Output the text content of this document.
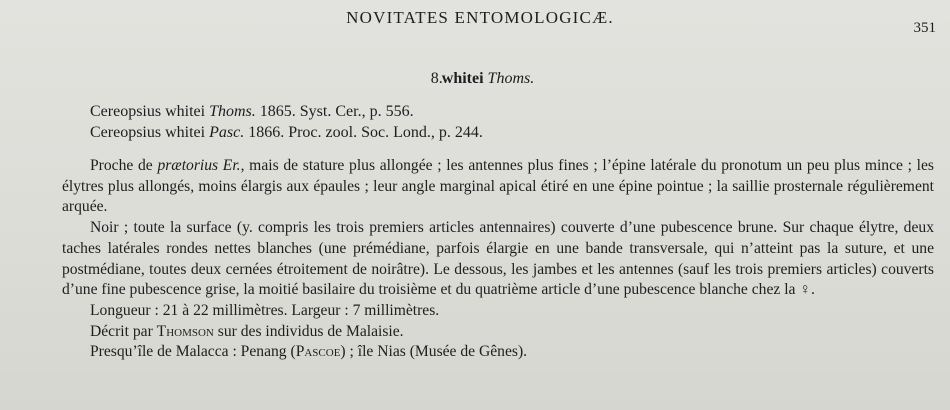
NOVITATES ENTOMOLOGICÆ.
351
8. whitei Thoms.
Cereopsius whitei Thoms. 1865. Syst. Cer., p. 556.
Cereopsius whitei Pasc. 1866. Proc. zool. Soc. Lond., p. 244.

Proche de prætorius Er., mais de stature plus allongée ; les antennes plus fines ; l’épine latérale du pronotum un peu plus mince ; les élytres plus allongés, moins élargis aux épaules ; leur angle marginal apical étiré en une épine pointue ; la saillie prosternale régulièrement arquée.

Noir ; toute la surface (y. compris les trois premiers articles antennaires) couverte d’une pubescence brune. Sur chaque élytre, deux taches latérales rondes nettes blanches (une prémédiane, parfois élargie en une bande transversale, qui n’atteint pas la suture, et une postmédiane, toutes deux cernées étroitement de noirâtre). Le dessous, les jambes et les antennes (sauf les trois premiers articles) couverts d’une fine pubescence grise, la moitié basilaire du troisième et du quatrième article d’une pubescence blanche chez la ♀.

Longueur : 21 à 22 millimètres. Largeur : 7 millimètres.

Décrit par Thomson sur des individus de Malaisie.

Presqu’île de Malacca : Penang (Pascoe) ; île Nias (Musée de Gênes).
